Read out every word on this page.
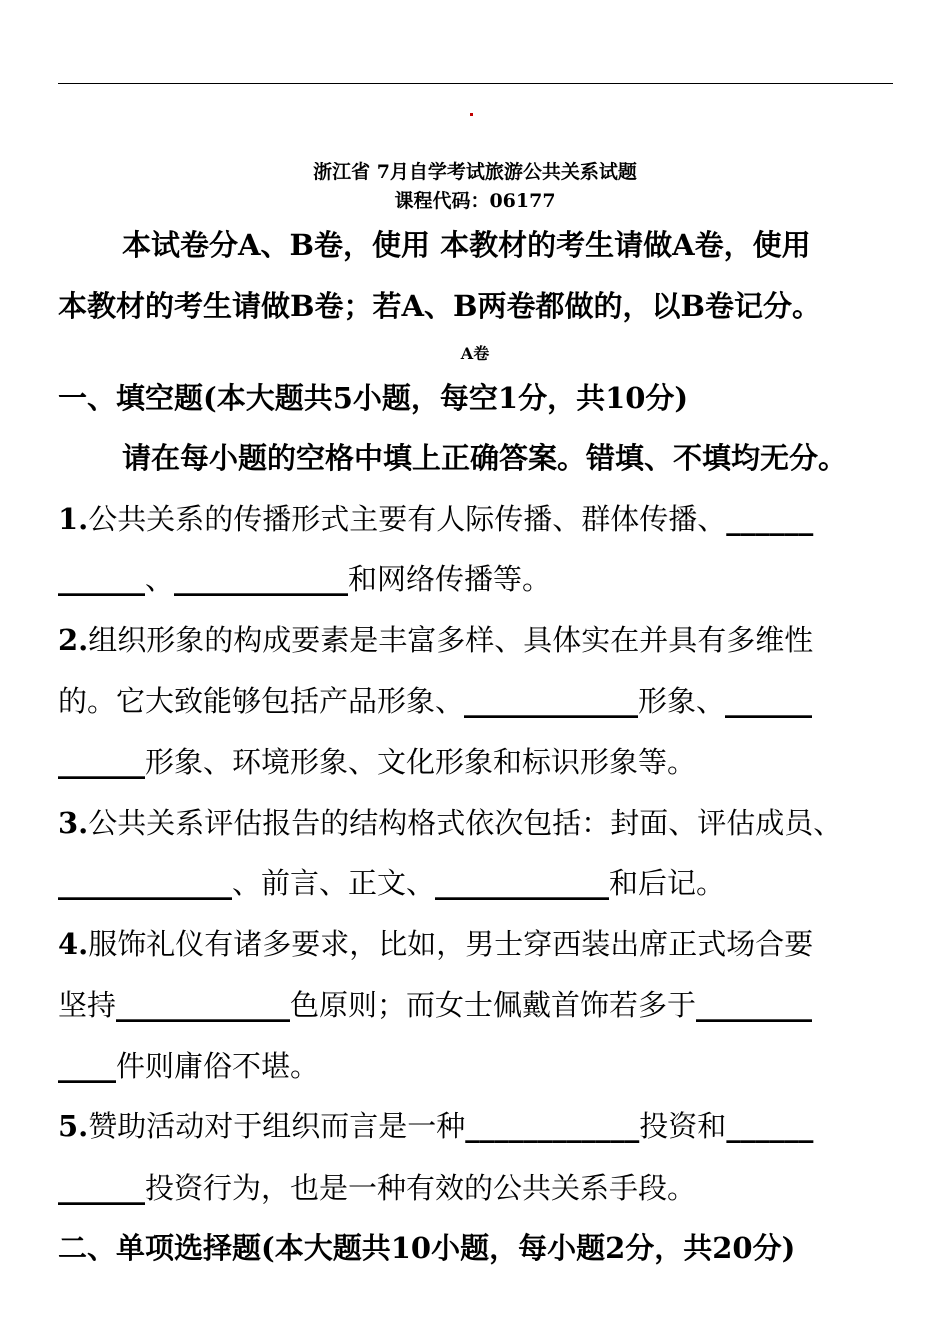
浙江省 7月自学考试旅游公共关系试题
课程代码：06177
本试卷分A、B卷，使用 本教材的考生请做A卷，使用
本教材的考生请做B卷；若A、B两卷都做的，以B卷记分。
A卷
一、填空题(本大题共5小题，每空1分，共10分)
请在每小题的空格中填上正确答案。错填、不填均无分。
1.公共关系的传播形式主要有人际传播、群体传播、______
______、____________和网络传播等。
2.组织形象的构成要素是丰富多样、具体实在并具有多维性
的。它大致能够包括产品形象、____________形象、______
______形象、环境形象、文化形象和标识形象等。
3.公共关系评估报告的结构格式依次包括：封面、评估成员、
____________、前言、正文、____________和后记。
4.服饰礼仪有诸多要求，比如，男士穿西装出席正式场合要
坚持____________色原则；而女士佩戴首饰若多于________
____件则庸俗不堪。
5.赞助活动对于组织而言是一种____________投资和______
______投资行为，也是一种有效的公共关系手段。
二、单项选择题(本大题共10小题，每小题2分，共20分)
